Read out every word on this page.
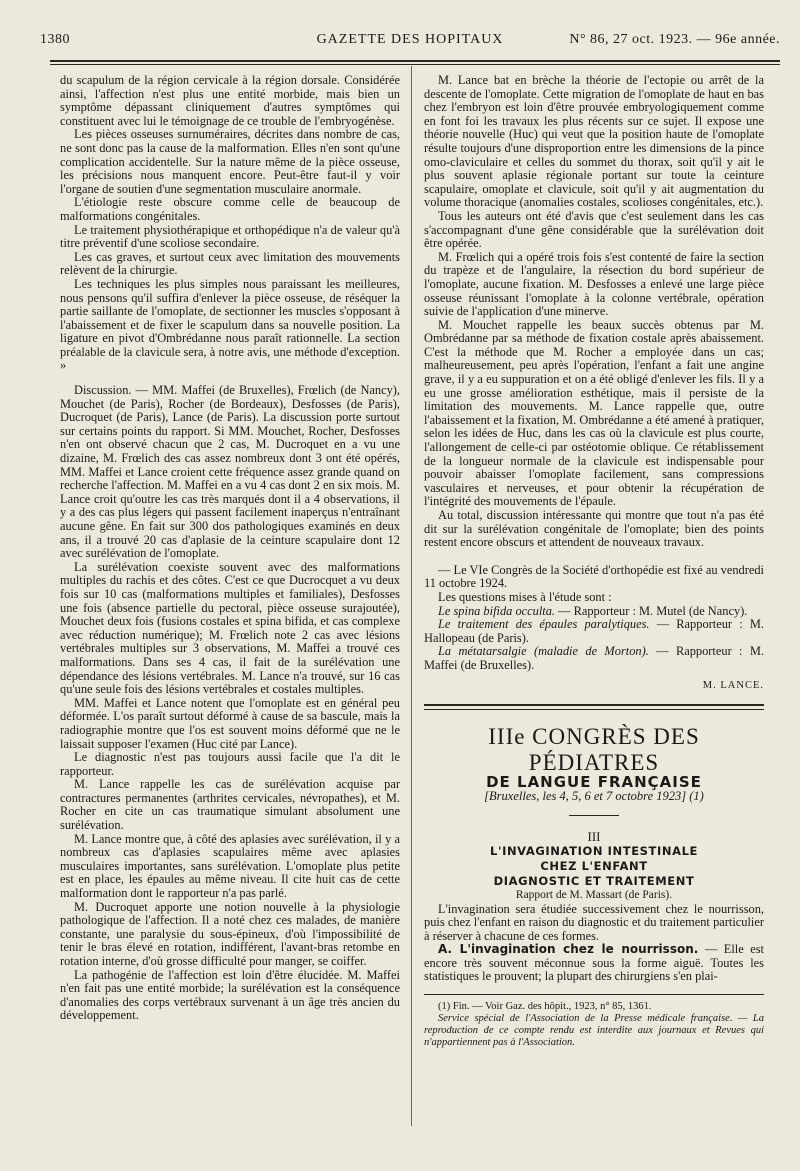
1380	GAZETTE DES HOPITAUX	N° 86, 27 oct. 1923. — 96e année.

du scapulum de la région cervicale à la région dorsale. Considérée ainsi, l'affection n'est plus une entité morbide, mais bien un symptôme dépassant cliniquement d'autres symptômes qui constituent avec lui le témoignage de ce trouble de l'embryogénèse.

Les pièces osseuses surnuméraires, décrites dans nombre de cas, ne sont donc pas la cause de la malformation. Elles n'en sont qu'une complication accidentelle. Sur la nature même de la pièce osseuse, les précisions nous manquent encore. Peut-être faut-il y voir l'organe de soutien d'une segmentation musculaire anormale.

L'étiologie reste obscure comme celle de beaucoup de malformations congénitales.

Le traitement physiothérapique et orthopédique n'a de valeur qu'à titre préventif d'une scoliose secondaire.

Les cas graves, et surtout ceux avec limitation des mouvements relèvent de la chirurgie.

Les techniques les plus simples nous paraissant les meilleures, nous pensons qu'il suffira d'enlever la pièce osseuse, de réséquer la partie saillante de l'omoplate, de sectionner les muscles s'opposant à l'abaissement et de fixer le scapulum dans sa nouvelle position. La ligature en pivot d'Ombrédanne nous paraît rationnelle. La section préalable de la clavicule sera, à notre avis, une méthode d'exception. »

Discussion. — MM. Maffei (de Bruxelles), Frœlich (de Nancy), Mouchet (de Paris), Rocher (de Bordeaux), Desfosses (de Paris), Ducroquet (de Paris), Lance (de Paris). La discussion porte surtout sur certains points du rapport. Si MM. Mouchet, Rocher, Desfosses n'en ont observé chacun que 2 cas, M. Ducroquet en a vu une dizaine, M. Frœlich des cas assez nombreux dont 3 ont été opérés, MM. Maffei et Lance croient cette fréquence assez grande quand on recherche l'affection. M. Maffei en a vu 4 cas dont 2 en six mois. M. Lance croit qu'outre les cas très marqués dont il a 4 observations, il y a des cas plus légers qui passent facilement inaperçus n'entraînant aucune gêne. En fait sur 300 dos pathologiques examinés en deux ans, il a trouvé 20 cas d'aplasie de la ceinture scapulaire dont 12 avec surélévation de l'omoplate.

La surélévation coexiste souvent avec des malformations multiples du rachis et des côtes. C'est ce que Ducrocquet a vu deux fois sur 10 cas (malformations multiples et familiales), Desfosses une fois (absence partielle du pectoral, pièce osseuse surajoutée), Mouchet deux fois (fusions costales et spina bifida, et cas complexe avec réduction numérique); M. Frœlich note 2 cas avec lésions vertébrales multiples sur 3 observations, M. Maffei a trouvé ces malformations. Dans ses 4 cas, il fait de la surélévation une dépendance des lésions vertébrales. M. Lance n'a trouvé, sur 16 cas qu'une seule fois des lésions vertébrales et costales multiples.

MM. Maffei et Lance notent que l'omoplate est en général peu déformée. L'os paraît surtout déformé à cause de sa bascule, mais la radiographie montre que l'os est souvent moins déformé que ne le laissait supposer l'examen (Huc cité par Lance).

Le diagnostic n'est pas toujours aussi facile que l'a dit le rapporteur.

M. Lance rappelle les cas de surélévation acquise par contractures permanentes (arthrites cervicales, névropathes), et M. Rocher en cite un cas traumatique simulant absolument une surélévation.

M. Lance montre que, à côté des aplasies avec surélévation, il y a nombreux cas d'aplasies scapulaires même avec aplasies musculaires importantes, sans surélévation. L'omoplate plus petite est en place, les épaules au même niveau. Il cite huit cas de cette malformation dont le rapporteur n'a pas parlé.

M. Ducroquet apporte une notion nouvelle à la physiologie pathologique de l'affection. Il a noté chez ces malades, de manière constante, une paralysie du sous-épineux, d'où l'impossibilité de tenir le bras élevé en rotation, indifférent, l'avant-bras retombe en rotation interne, d'où grosse difficulté pour manger, se coiffer.

La pathogénie de l'affection est loin d'être élucidée. M. Maffei n'en fait pas une entité morbide; la surélévation est la conséquence d'anomalies des corps vertébraux survenant à un âge très ancien du développement.

M. Lance bat en brèche la théorie de l'ectopie ou arrêt de la descente de l'omoplate. Cette migration de l'omoplate de haut en bas chez l'embryon est loin d'être prouvée embryologiquement comme en font foi les travaux les plus récents sur ce sujet. Il expose une théorie nouvelle (Huc) qui veut que la position haute de l'omoplate résulte toujours d'une disproportion entre les dimensions de la pince omo-claviculaire et celles du sommet du thorax, soit qu'il y ait le plus souvent aplasie régionale portant sur toute la ceinture scapulaire, omoplate et clavicule, soit qu'il y ait augmentation du volume thoracique (anomalies costales, scolioses congénitales, etc.).

Tous les auteurs ont été d'avis que c'est seulement dans les cas s'accompagnant d'une gêne considérable que la surélévation doit être opérée.

M. Frœlich qui a opéré trois fois s'est contenté de faire la section du trapèze et de l'angulaire, la résection du bord supérieur de l'omoplate, aucune fixation. M. Desfosses a enlevé une large pièce osseuse réunissant l'omoplate à la colonne vertébrale, opération suivie de l'application d'une minerve.

M. Mouchet rappelle les beaux succès obtenus par M. Ombrédanne par sa méthode de fixation costale après abaissement. C'est la méthode que M. Rocher a employée dans un cas; malheureusement, peu après l'opération, l'enfant a fait une angine grave, il y a eu suppuration et on a été obligé d'enlever les fils. Il y a eu une grosse amélioration esthétique, mais il persiste de la limitation des mouvements. M. Lance rappelle que, outre l'abaissement et la fixation, M. Ombrédanne a été amené à pratiquer, selon les idées de Huc, dans les cas où la clavicule est plus courte, l'allongement de celle-ci par ostéotomie oblique. Ce rétablissement de la longueur normale de la clavicule est indispensable pour pouvoir abaisser l'omoplate facilement, sans compressions vasculaires et nerveuses, et pour obtenir la récupération de l'intégrité des mouvements de l'épaule.

Au total, discussion intéressante qui montre que tout n'a pas été dit sur la surélévation congénitale de l'omoplate; bien des points restent encore obscurs et attendent de nouveaux travaux.

— Le VIe Congrès de la Société d'orthopédie est fixé au vendredi 11 octobre 1924.

Les questions mises à l'étude sont :

Le spina bifida occulta. — Rapporteur : M. Mutel (de Nancy).

Le traitement des épaules paralytiques. — Rapporteur : M. Hallopeau (de Paris).

La métatarsalgie (maladie de Morton). — Rapporteur : M. Maffei (de Bruxelles).

M. LANCE.

IIIe CONGRÈS DES PÉDIATRES

DE LANGUE FRANÇAISE

[Bruxelles, les 4, 5, 6 et 7 octobre 1923] (1)

III

L'INVAGINATION INTESTINALE

CHEZ L'ENFANT

DIAGNOSTIC ET TRAITEMENT

Rapport de M. Massart (de Paris).

L'invagination sera étudiée successivement chez le nourrisson, puis chez l'enfant en raison du diagnostic et du traitement particulier à réserver à chacune de ces formes.

A. L'invagination chez le nourrisson. — Elle est encore très souvent méconnue sous la forme aiguë. Toutes les statistiques le prouvent; la plupart des chirurgiens s'en plai-

(1) Fin. — Voir Gaz. des hôpit., 1923, n° 85, 1361.

Service spécial de l'Association de la Presse médicale française. — La reproduction de ce compte rendu est interdite aux journaux et Revues qui n'appartiennent pas à l'Association.
